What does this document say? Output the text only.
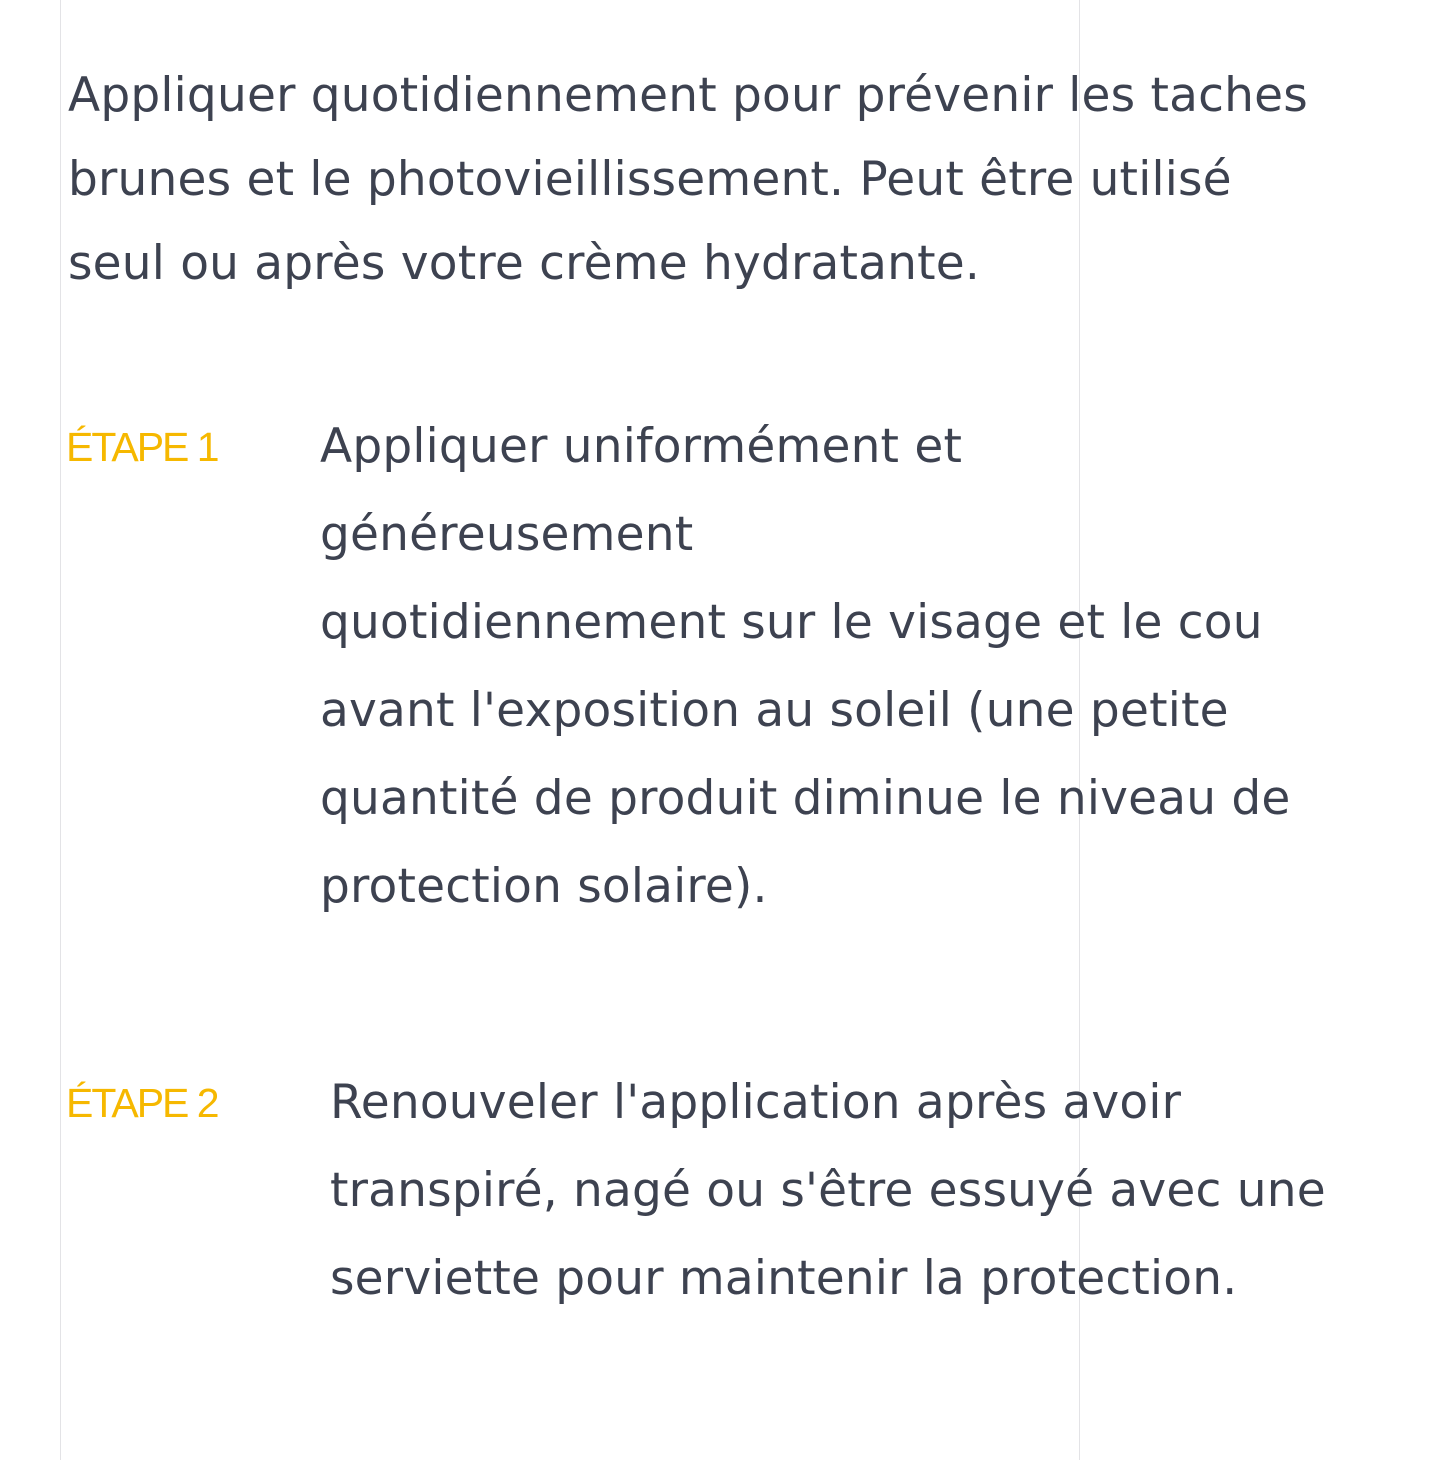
Appliquer quotidiennement pour prévenir les taches
brunes et le photovieillissement. Peut être utilisé
seul ou après votre crème hydratante.

ÉTAPE 1 Appliquer uniformément et
généreusement
quotidiennement sur le visage et le cou
avant l'exposition au soleil (une petite
quantité de produit diminue le niveau de
protection solaire).

ÉTAPE 2 Renouveler l'application après avoir
transpiré, nagé ou s'être essuyé avec une
serviette pour maintenir la protection.
